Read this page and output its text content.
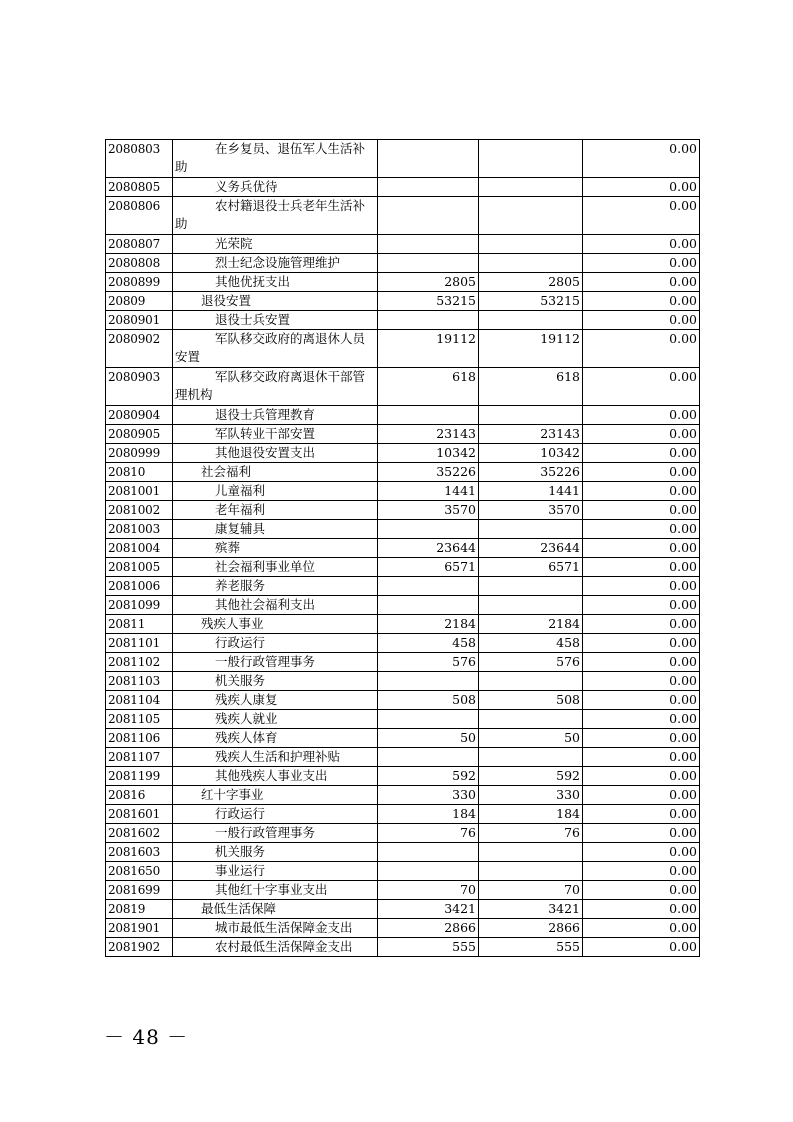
2080803	在乡复员、退伍军人生活补助			0.00
2080805	义务兵优待			0.00
2080806	农村籍退役士兵老年生活补助			0.00
2080807	光荣院			0.00
2080808	烈士纪念设施管理维护			0.00
2080899	其他优抚支出	2805	2805	0.00
20809	退役安置	53215	53215	0.00
2080901	退役士兵安置			0.00
2080902	军队移交政府的离退休人员安置	19112	19112	0.00
2080903	军队移交政府离退休干部管理机构	618	618	0.00
2080904	退役士兵管理教育			0.00
2080905	军队转业干部安置	23143	23143	0.00
2080999	其他退役安置支出	10342	10342	0.00
20810	社会福利	35226	35226	0.00
2081001	儿童福利	1441	1441	0.00
2081002	老年福利	3570	3570	0.00
2081003	康复辅具			0.00
2081004	殡葬	23644	23644	0.00
2081005	社会福利事业单位	6571	6571	0.00
2081006	养老服务			0.00
2081099	其他社会福利支出			0.00
20811	残疾人事业	2184	2184	0.00
2081101	行政运行	458	458	0.00
2081102	一般行政管理事务	576	576	0.00
2081103	机关服务			0.00
2081104	残疾人康复	508	508	0.00
2081105	残疾人就业			0.00
2081106	残疾人体育	50	50	0.00
2081107	残疾人生活和护理补贴			0.00
2081199	其他残疾人事业支出	592	592	0.00
20816	红十字事业	330	330	0.00
2081601	行政运行	184	184	0.00
2081602	一般行政管理事务	76	76	0.00
2081603	机关服务			0.00
2081650	事业运行			0.00
2081699	其他红十字事业支出	70	70	0.00
20819	最低生活保障	3421	3421	0.00
2081901	城市最低生活保障金支出	2866	2866	0.00
2081902	农村最低生活保障金支出	555	555	0.00
－ 48 －
